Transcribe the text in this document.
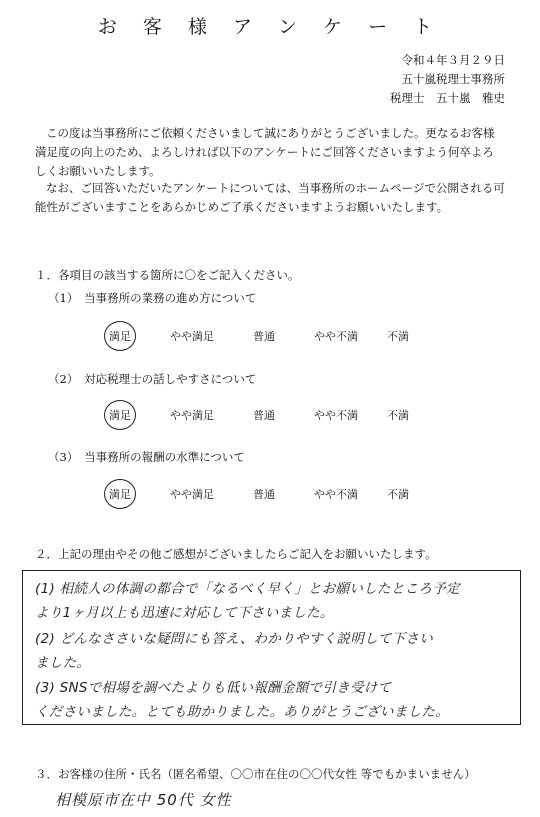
お 客 様 ア ン ケ ー ト
令和４年３月２９日
五十嵐税理士事務所
税理士　五十嵐　雅史
この度は当事務所にご依頼くださいまして誠にありがとうございました。更なるお客様満足度の向上のため、よろしければ以下のアンケートにご回答くださいますよう何卒よろしくお願いいたします。
なお、ご回答いただいたアンケートについては、当事務所のホームページで公開される可能性がございますことをあらかじめご了承くださいますようお願いいたします。
１．各項目の該当する箇所に〇をご記入ください。
（1）　当事務所の業務の進め方について
満足	やや満足	普通	やや不満	不満
（2）　対応税理士の話しやすさについて
満足	やや満足	普通	やや不満	不満
（3）　当事務所の報酬の水準について
満足	やや満足	普通	やや不満	不満
２．上記の理由やその他ご感想がございましたらご記入をお願いいたします。
(1) 相続人の体調の都合で「なるべく早く」とお願いしたところ予定
より1ヶ月以上も迅速に対応して下さいました。
(2) どんなささいな疑問にも答え、わかりやすく説明して下さい
ました。
(3) SNSで相場を調べたよりも低い報酬金額で引き受けて
くださいました。とても助かりました。ありがとうございました。
３．お客様の住所・氏名（匿名希望、〇〇市在住の〇〇代女性 等でもかまいません）
相模原市在中 50代 女性
